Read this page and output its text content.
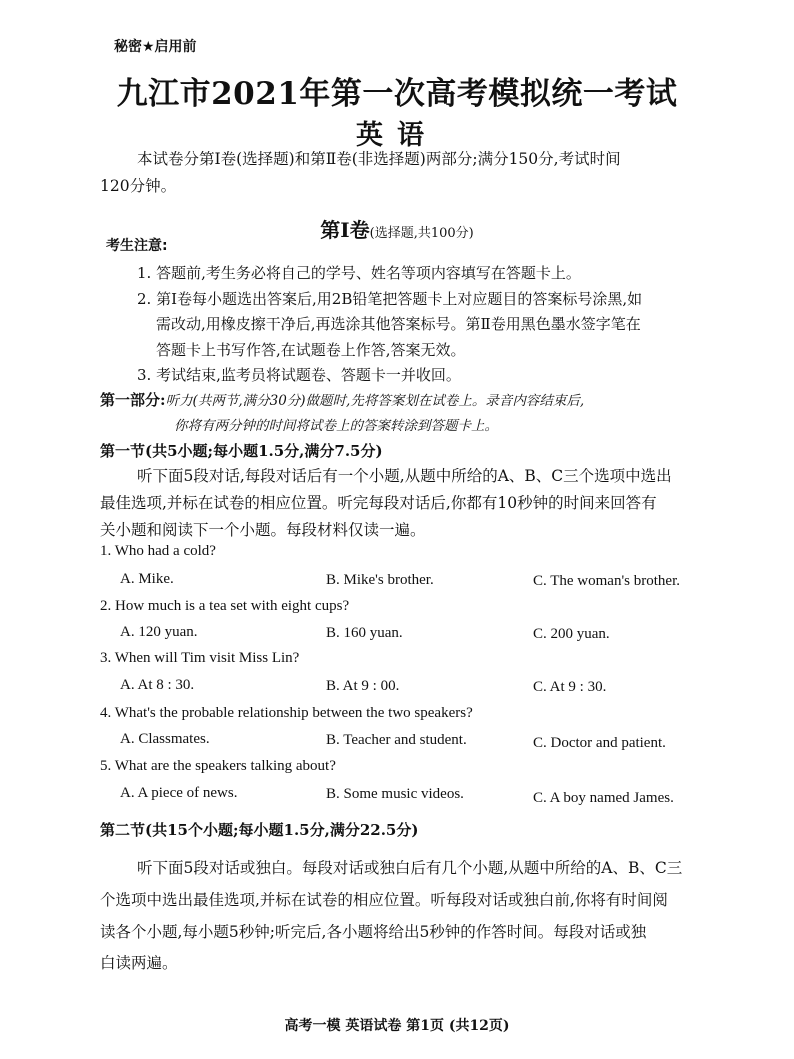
秘密★启用前
九江市2021年第一次高考模拟统一考试
英语
本试卷分第Ⅰ卷(选择题)和第Ⅱ卷(非选择题)两部分;满分150分,考试时间
120分钟。
第Ⅰ卷(选择题,共100分)
考生注意:
1. 答题前,考生务必将自己的学号、姓名等项内容填写在答题卡上。
2. 第Ⅰ卷每小题选出答案后,用2B铅笔把答题卡上对应题目的答案标号涂黑,如
需改动,用橡皮擦干净后,再选涂其他答案标号。第Ⅱ卷用黑色墨水签字笔在
答题卡上书写作答,在试题卷上作答,答案无效。
3. 考试结束,监考员将试题卷、答题卡一并收回。
第一部分:听力(共两节,满分30分)做题时,先将答案划在试卷上。录音内容结束后,
你将有两分钟的时间将试卷上的答案转涂到答题卡上。
第一节(共5小题;每小题1.5分,满分7.5分)
听下面5段对话,每段对话后有一个小题,从题中所给的A、B、C三个选项中选出
最佳选项,并标在试卷的相应位置。听完每段对话后,你都有10秒钟的时间来回答有
关小题和阅读下一个小题。每段材料仅读一遍。
1. Who had a cold?
A. Mike.	B. Mike's brother.	C. The woman's brother.
2. How much is a tea set with eight cups?
A. 120 yuan.	B. 160 yuan.	C. 200 yuan.
3. When will Tim visit Miss Lin?
A. At 8 : 30.	B. At 9 : 00.	C. At 9 : 30.
4. What's the probable relationship between the two speakers?
A. Classmates.	B. Teacher and student.	C. Doctor and patient.
5. What are the speakers talking about?
A. A piece of news.	B. Some music videos.	C. A boy named James.
第二节(共15个小题;每小题1.5分,满分22.5分)
听下面5段对话或独白。每段对话或独白后有几个小题,从题中所给的A、B、C三
个选项中选出最佳选项,并标在试卷的相应位置。听每段对话或独白前,你将有时间阅
读各个小题,每小题5秒钟;听完后,各小题将给出5秒钟的作答时间。每段对话或独
白读两遍。
高考一模 英语试卷 第1页 (共12页)
